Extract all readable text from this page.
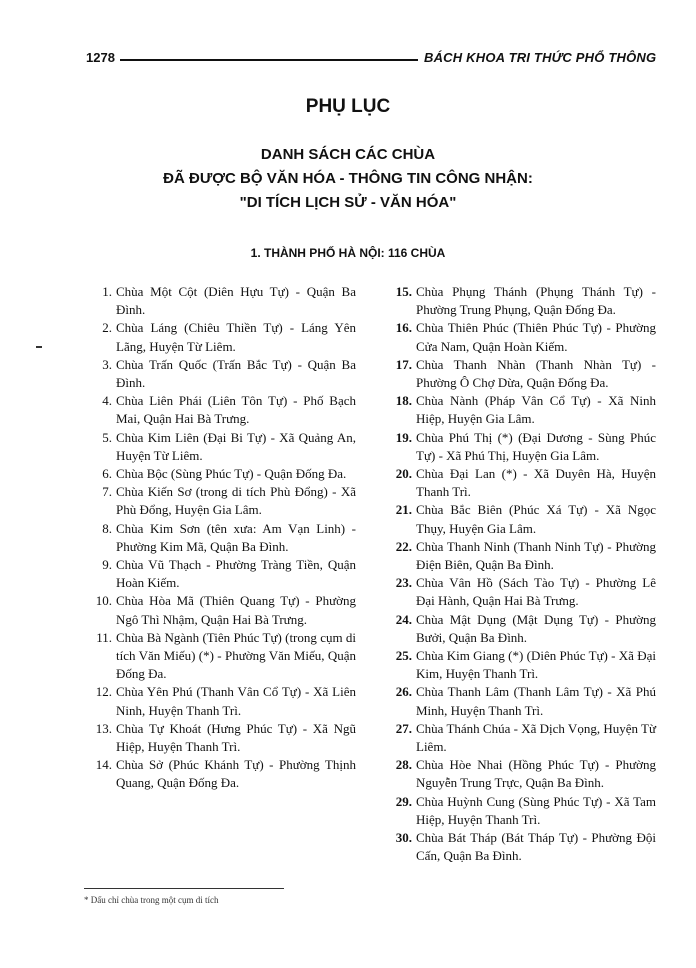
1278	BÁCH KHOA TRI THỨC PHỔ THÔNG
PHỤ LỤC
DANH SÁCH CÁC CHÙA
ĐÃ ĐƯỢC BỘ VĂN HÓA - THÔNG TIN CÔNG NHẬN:
"DI TÍCH LỊCH SỬ - VĂN HÓA"
1. THÀNH PHỐ HÀ NỘI: 116 CHÙA
1. Chùa Một Cột (Diên Hựu Tự) - Quận Ba Đình.
2. Chùa Láng (Chiêu Thiền Tự) - Láng Yên Lãng, Huyện Từ Liêm.
3. Chùa Trấn Quốc (Trấn Bắc Tự) - Quận Ba Đình.
4. Chùa Liên Phái (Liên Tôn Tự) - Phố Bạch Mai, Quận Hai Bà Trưng.
5. Chùa Kim Liên (Đại Bi Tự) - Xã Quảng An, Huyện Từ Liêm.
6. Chùa Bộc (Sùng Phúc Tự) - Quận Đống Đa.
7. Chùa Kiến Sơ (trong di tích Phù Đổng) - Xã Phù Đổng, Huyện Gia Lâm.
8. Chùa Kim Sơn (tên xưa: Am Vạn Linh) - Phường Kim Mã, Quận Ba Đình.
9. Chùa Vũ Thạch - Phường Tràng Tiền, Quận Hoàn Kiếm.
10. Chùa Hòa Mã (Thiên Quang Tự) - Phường Ngô Thì Nhậm, Quận Hai Bà Trưng.
11. Chùa Bà Ngành (Tiên Phúc Tự) (trong cụm di tích Văn Miếu) (*) - Phường Văn Miếu, Quận Đống Đa.
12. Chùa Yên Phú (Thanh Vân Cổ Tự) - Xã Liên Ninh, Huyện Thanh Trì.
13. Chùa Tự Khoát (Hưng Phúc Tự) - Xã Ngũ Hiệp, Huyện Thanh Trì.
14. Chùa Sở (Phúc Khánh Tự) - Phường Thịnh Quang, Quận Đống Đa.
15. Chùa Phụng Thánh (Phụng Thánh Tự) - Phường Trung Phụng, Quận Đống Đa.
16. Chùa Thiên Phúc (Thiên Phúc Tự) - Phường Cửa Nam, Quận Hoàn Kiếm.
17. Chùa Thanh Nhàn (Thanh Nhàn Tự) - Phường Ô Chợ Dừa, Quận Đống Đa.
18. Chùa Nành (Pháp Vân Cổ Tự) - Xã Ninh Hiệp, Huyện Gia Lâm.
19. Chùa Phú Thị (*) (Đại Dương - Sùng Phúc Tự) - Xã Phú Thị, Huyện Gia Lâm.
20. Chùa Đại Lan (*) - Xã Duyên Hà, Huyện Thanh Trì.
21. Chùa Bắc Biên (Phúc Xá Tự) - Xã Ngọc Thụy, Huyện Gia Lâm.
22. Chùa Thanh Ninh (Thanh Ninh Tự) - Phường Điện Biên, Quận Ba Đình.
23. Chùa Vân Hồ (Sách Tào Tự) - Phường Lê Đại Hành, Quận Hai Bà Trưng.
24. Chùa Mật Dụng (Mật Dụng Tự) - Phường Bưởi, Quận Ba Đình.
25. Chùa Kim Giang (*) (Diên Phúc Tự) - Xã Đại Kim, Huyện Thanh Trì.
26. Chùa Thanh Lâm (Thanh Lâm Tự) - Xã Phú Minh, Huyện Thanh Trì.
27. Chùa Thánh Chúa - Xã Dịch Vọng, Huyện Từ Liêm.
28. Chùa Hòe Nhai (Hồng Phúc Tự) - Phường Nguyễn Trung Trực, Quận Ba Đình.
29. Chùa Huỳnh Cung (Sùng Phúc Tự) - Xã Tam Hiệp, Huyện Thanh Trì.
30. Chùa Bát Tháp (Bát Tháp Tự) - Phường Đội Cấn, Quận Ba Đình.
* Dấu chỉ chùa trong một cụm di tích
